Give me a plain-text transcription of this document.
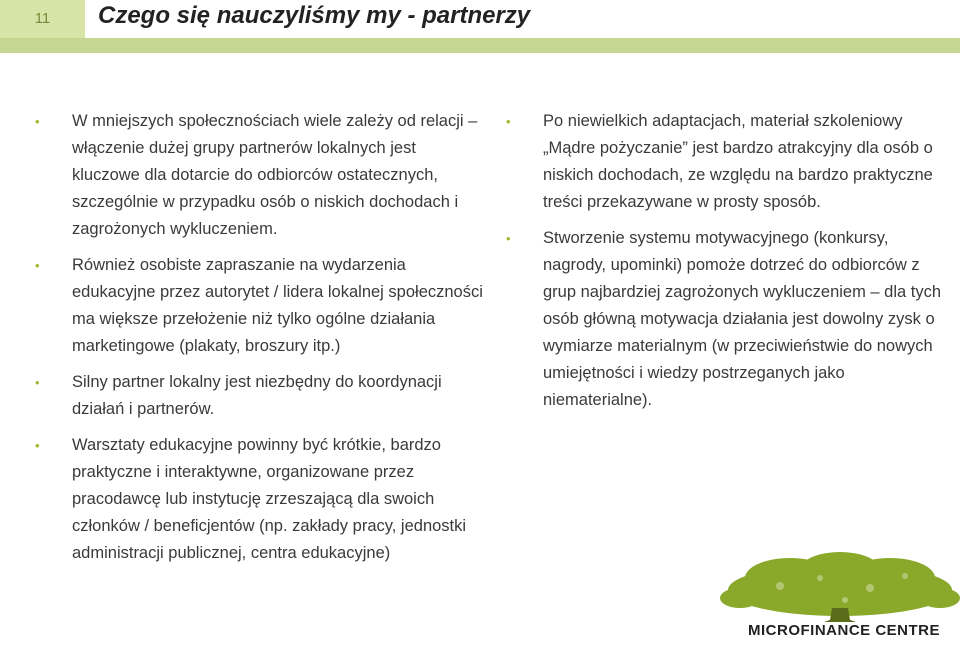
11	Czego się nauczyliśmy my - partnerzy
• W mniejszych społecznościach wiele zależy od relacji – włączenie dużej grupy partnerów lokalnych jest kluczowe dla dotarcie do odbiorców ostatecznych, szczególnie w przypadku osób o niskich dochodach i zagrożonych wykluczeniem.
• Również osobiste zapraszanie na wydarzenia edukacyjne przez autorytet / lidera lokalnej społeczności ma większe przełożenie niż tylko ogólne działania marketingowe (plakaty, broszury itp.)
• Silny partner lokalny jest niezbędny do koordynacji działań i partnerów.
• Warsztaty edukacyjne powinny być krótkie, bardzo praktyczne i interaktywne, organizowane przez pracodawcę lub instytucję zrzeszającą dla swoich członków / beneficjentów (np. zakłady pracy, jednostki administracji publicznej, centra edukacyjne)
• Po niewielkich adaptacjach, materiał szkoleniowy „Mądre pożyczanie” jest bardzo atrakcyjny dla osób o niskich dochodach, ze względu na bardzo praktyczne treści przekazywane w prosty sposób.
• Stworzenie systemu motywacyjnego (konkursy, nagrody, upominki) pomoże dotrzeć do odbiorców z grup najbardziej zagrożonych wykluczeniem – dla tych osób główną motywacja działania jest dowolny zysk o wymiarze materialnym (w przeciwieństwie do nowych umiejętności i wiedzy postrzeganych jako niematerialne).
MICROFINANCE CENTRE
